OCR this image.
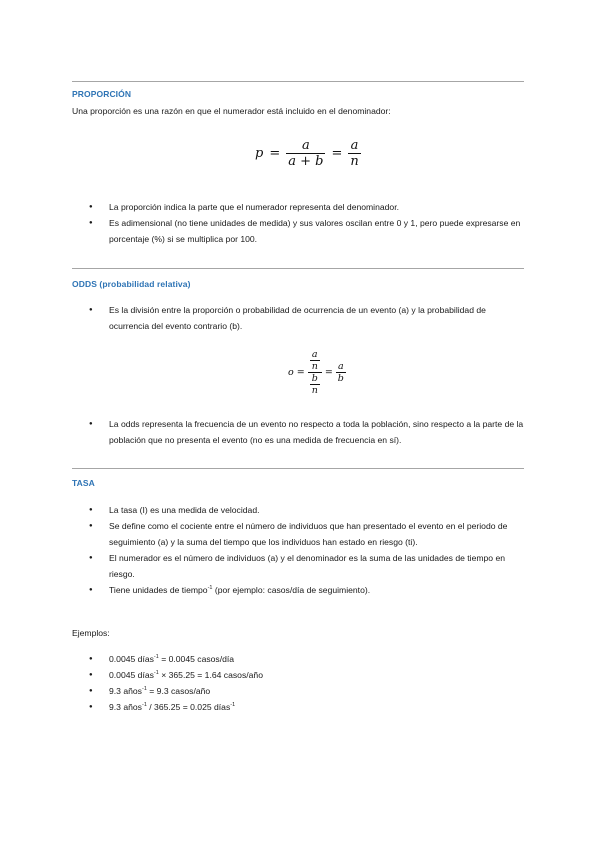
PROPORCIÓN
Una proporción es una razón en que el numerador está incluido en el denominador:
$p = \frac{a}{a + b} = \frac{a}{n}$
● La proporción indica la parte que el numerador representa del denominador.
● Es adimensional (no tiene unidades de medida) y sus valores oscilan entre 0 y 1, pero puede expresarse en porcentaje (%) si se multiplica por 100.
ODDS (probabilidad relativa)
● Es la división entre la proporción o probabilidad de ocurrencia de un evento (a) y la probabilidad de ocurrencia del evento contrario (b).
$o = \frac{\frac{a}{n}}{\frac{b}{n}} = \frac{a}{b}$
● La odds representa la frecuencia de un evento no respecto a toda la población, sino respecto a la parte de la población que no presenta el evento (no es una medida de frecuencia en sí).
TASA
● La tasa (I) es una medida de velocidad.
● Se define como el cociente entre el número de individuos que han presentado el evento en el periodo de seguimiento (a) y la suma del tiempo que los individuos han estado en riesgo (ti).
● El numerador es el número de individuos (a) y el denominador es la suma de las unidades de tiempo en riesgo.
● Tiene unidades de tiempo$^{-1}$ (por ejemplo: casos/día de seguimiento).
Ejemplos:
● 0.0045 días$^{-1}$ = 0.0045 casos/día
● 0.0045 días$^{-1}$ × 365.25 = 1.64 casos/año
● 9.3 años$^{-1}$ = 9.3 casos/año
● 9.3 años$^{-1}$ / 365.25 = 0.025 días$^{-1}$
